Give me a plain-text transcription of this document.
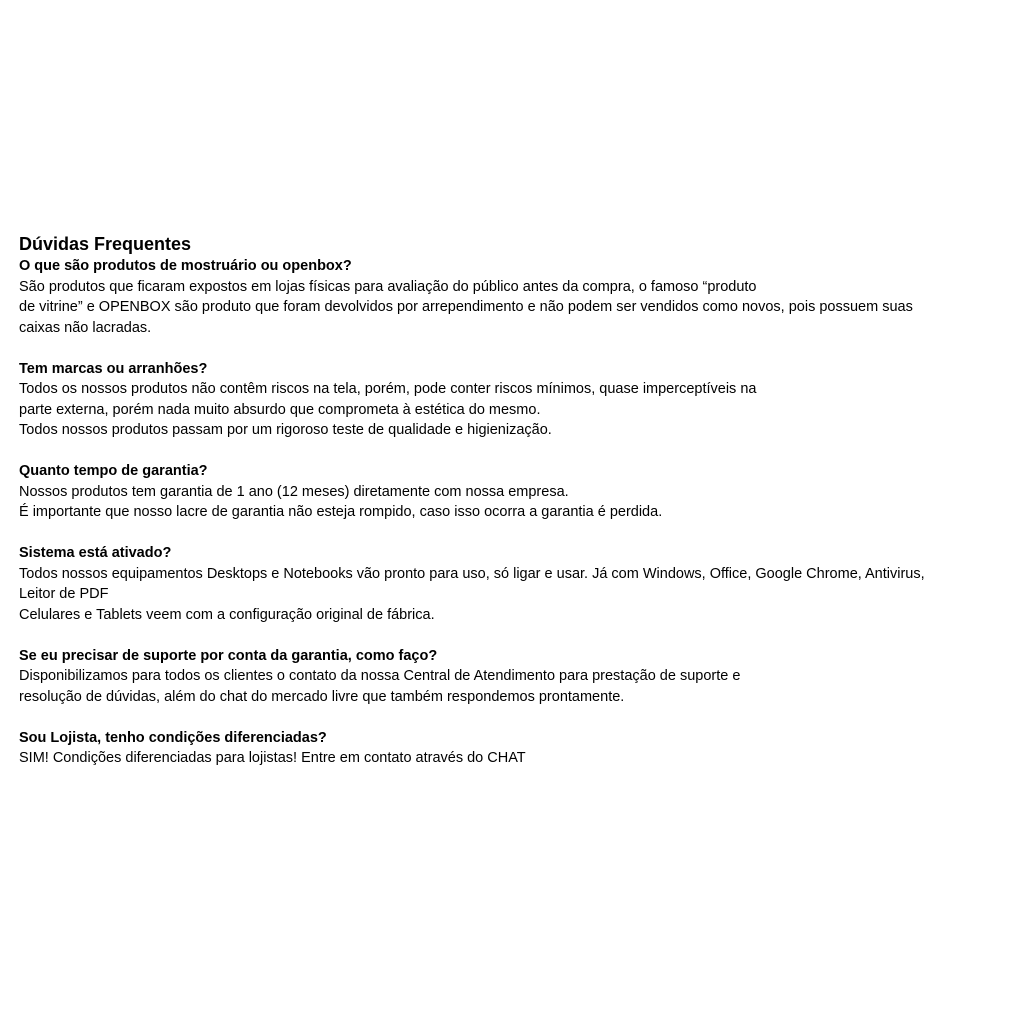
Dúvidas Frequentes

O que são produtos de mostruário ou openbox?

São produtos que ficaram expostos em lojas físicas para avaliação do público antes da compra, o famoso “produto

de vitrine” e OPENBOX são produto que foram devolvidos por arrependimento e não podem ser vendidos como novos, pois possuem suas

caixas não lacradas.

Tem marcas ou arranhões?

Todos os nossos produtos não contêm riscos na tela, porém, pode conter riscos mínimos, quase imperceptíveis na

parte externa, porém nada muito absurdo que comprometa à estética do mesmo.

Todos nossos produtos passam por um rigoroso teste de qualidade e higienização.

Quanto tempo de garantia?

Nossos produtos tem garantia de 1 ano (12 meses) diretamente com nossa empresa.

É importante que nosso lacre de garantia não esteja rompido, caso isso ocorra a garantia é perdida.

Sistema está ativado?

Todos nossos equipamentos Desktops e Notebooks vão pronto para uso, só ligar e usar. Já com Windows, Office, Google Chrome, Antivirus,

Leitor de PDF

Celulares e Tablets veem com a configuração original de fábrica.

Se eu precisar de suporte por conta da garantia, como faço?

Disponibilizamos para todos os clientes o contato da nossa Central de Atendimento para prestação de suporte e

resolução de dúvidas, além do chat do mercado livre que também respondemos prontamente.

Sou Lojista, tenho condições diferenciadas?

SIM! Condições diferenciadas para lojistas! Entre em contato através do CHAT
